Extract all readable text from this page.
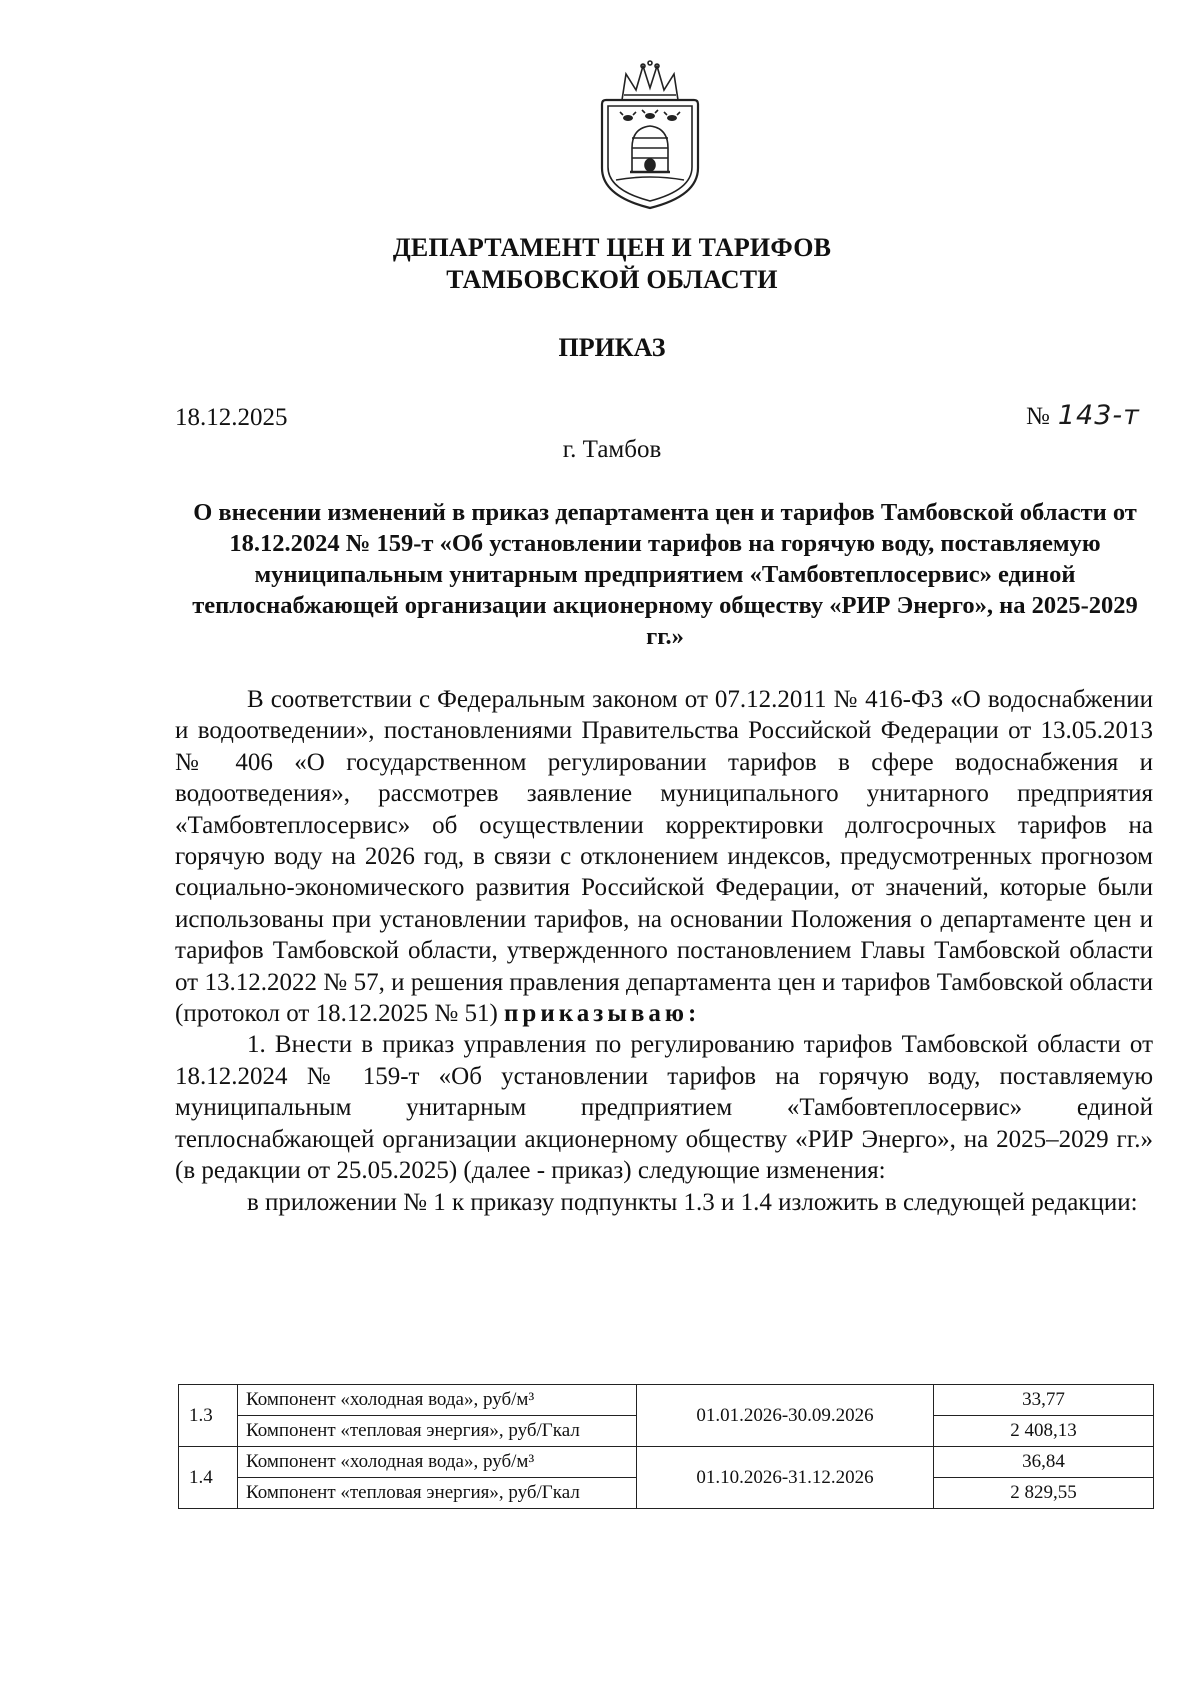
ДЕПАРТАМЕНТ ЦЕН И ТАРИФОВ
ТАМБОВСКОЙ ОБЛАСТИ
ПРИКАЗ
18.12.2025	№ 143-т
г. Тамбов
О внесении изменений в приказ департамента цен и тарифов Тамбовской области от 18.12.2024 № 159-т «Об установлении тарифов на горячую воду, поставляемую муниципальным унитарным предприятием «Тамбовтеплосервис» единой теплоснабжающей организации акционерному обществу «РИР Энерго», на 2025-2029 гг.»

В соответствии с Федеральным законом от 07.12.2011 № 416-ФЗ «О водоснабжении и водоотведении», постановлениями Правительства Российской Федерации от 13.05.2013 № 406 «О государственном регулировании тарифов в сфере водоснабжения и водоотведения», рассмотрев заявление муниципального унитарного предприятия «Тамбовтеплосервис» об осуществлении корректировки долгосрочных тарифов на горячую воду на 2026 год, в связи с отклонением индексов, предусмотренных прогнозом социально-экономического развития Российской Федерации, от значений, которые были использованы при установлении тарифов, на основании Положения о департаменте цен и тарифов Тамбовской области, утвержденного постановлением Главы Тамбовской области от 13.12.2022 № 57, и решения правления департамента цен и тарифов Тамбовской области (протокол от 18.12.2025 № 51) приказываю:

1. Внести в приказ управления по регулированию тарифов Тамбовской области от 18.12.2024 № 159-т «Об установлении тарифов на горячую воду, поставляемую муниципальным унитарным предприятием «Тамбовтеплосервис» единой теплоснабжающей организации акционерному обществу «РИР Энерго», на 2025–2029 гг.» (в редакции от 25.05.2025) (далее - приказ) следующие изменения:

в приложении № 1 к приказу подпункты 1.3 и 1.4 изложить в следующей редакции:

1.3	Компонент «холодная вода», руб/м³	01.01.2026-30.09.2026	33,77
	Компонент «тепловая энергия», руб/Гкал		2 408,13
1.4	Компонент «холодная вода», руб/м³	01.10.2026-31.12.2026	36,84
	Компонент «тепловая энергия», руб/Гкал		2 829,55
